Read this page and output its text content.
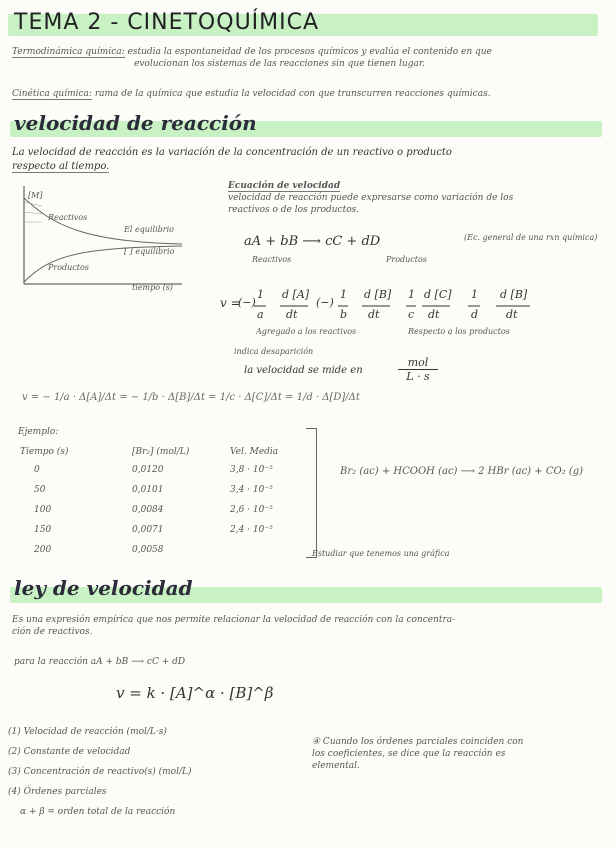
TEMA 2 - CINETOQUÍMICA
Termodinámica química: estudia la espontaneidad de los procesos químicos y evalúa el contenido en que
evolucionan los sistemas de las reacciones sin que tienen lugar.
Cinética química: rama de la química que estudia la velocidad con que transcurren reacciones químicas.
velocidad de reacción
La velocidad de reacción es la variación de la concentración de un reactivo o producto
respecto al tiempo.
[M]
Reactivos
Productos
El equilibrio
[ ] equilibrio
tiempo (s)
Ecuación de velocidad
velocidad de reacción puede expresarse como variación de los
reactivos o de los productos.
aA + bB ⟶ cC + dD	(Ec. general de una rxn química)
Reactivos	Productos
v =
(−)
1
a
d [A]
dt
(−)
1
b
d [B]
dt
1
c
d [C]
dt
1
d
d [B]
dt
Agregado a los reactivos	Respecto a los productos
indica desaparición
la velocidad se mide en
mol
L · s
v = − 1/a · Δ[A]/Δt = − 1/b · Δ[B]/Δt = 1/c · Δ[C]/Δt = 1/d · Δ[D]/Δt
Ejemplo:
Tiempo (s)	[Br₂] (mol/L)	Vel. Media
0	0,0120	3,8 · 10⁻⁵
50	0,0101	3,4 · 10⁻⁵
100	0,0084	2,6 · 10⁻⁵
150	0,0071	2,4 · 10⁻⁵
200	0,0058	
Br₂ (ac) + HCOOH (ac) ⟶ 2 HBr (ac) + CO₂ (g)
Estudiar que tenemos una gráfica
ley de velocidad
Es una expresión empírica que nos permite relacionar la velocidad de reacción con la concentra-
ción de reactivos.
para la reacción aA + bB ⟶ cC + dD
v = k · [A]^α · [B]^β
(1) Velocidad de reacción (mol/L·s)
(2) Constante de velocidad
(3) Concentración de reactivo(s) (mol/L)
(4) Órdenes parciales
α + β = orden total de la reacción
④ Cuando los órdenes parciales coinciden con
los coeficientes, se dice que la reacción es
elemental.
